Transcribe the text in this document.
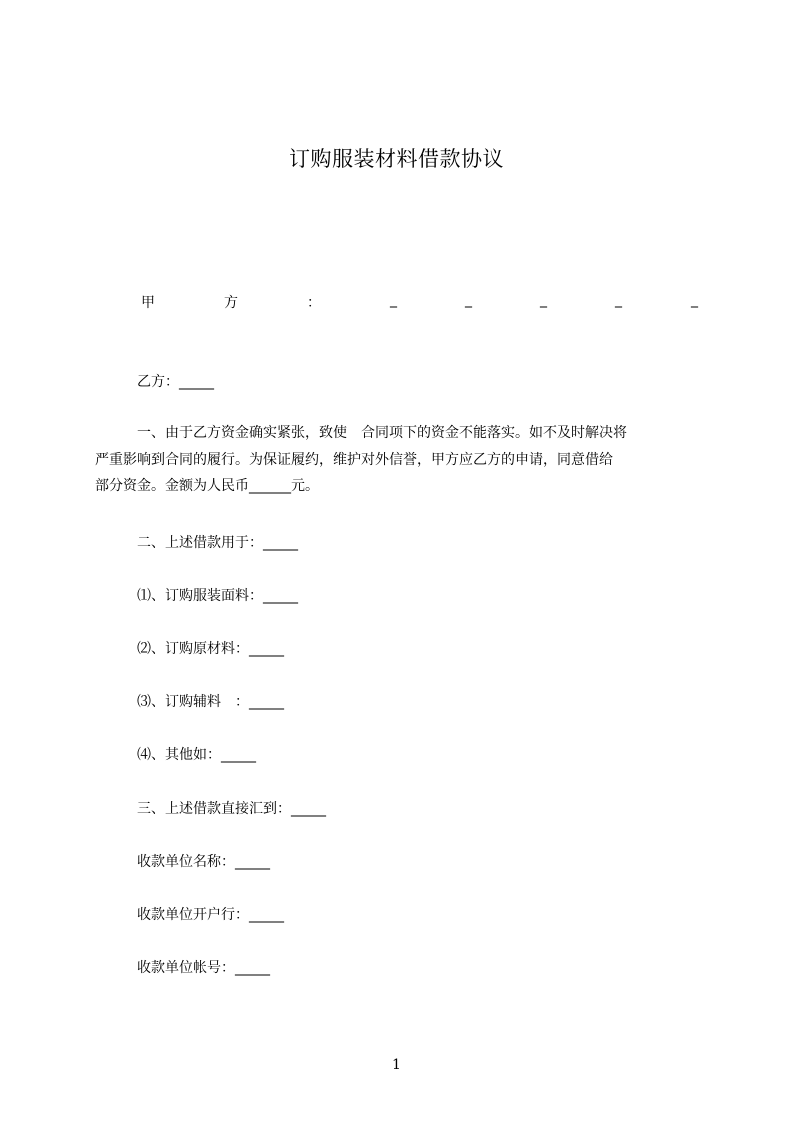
订购服装材料借款协议
甲	方	：	_	_	_	_	_
乙方：_____
一、由于乙方资金确实紧张，致使　合同项下的资金不能落实。如不及时解决将
严重影响到合同的履行。为保证履约，维护对外信誉，甲方应乙方的申请，同意借给
部分资金。金额为人民币______元。
二、上述借款用于：_____
⑴、订购服装面料：_____
⑵、订购原材料：_____
⑶、订购辅料　：_____
⑷、其他如：_____
三、上述借款直接汇到：_____
收款单位名称：_____
收款单位开户行：_____
收款单位帐号：_____
1
